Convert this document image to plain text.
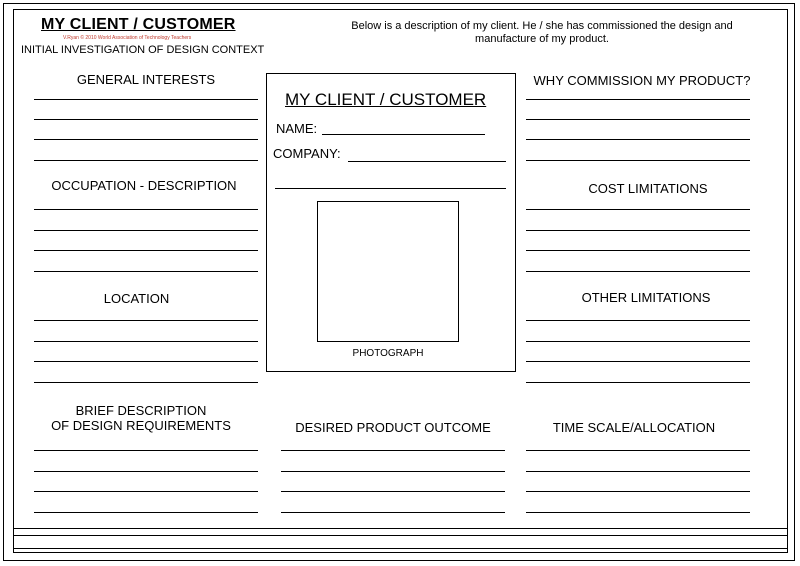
MY CLIENT / CUSTOMER
V.Ryan © 2010 World Association of Technology Teachers
INITIAL INVESTIGATION OF DESIGN CONTEXT
Below is a description of my client. He / she has commissioned the design and
manufacture of my product.
GENERAL INTERESTS
OCCUPATION - DESCRIPTION
LOCATION
BRIEF DESCRIPTION
OF DESIGN REQUIREMENTS
MY CLIENT / CUSTOMER
NAME:
COMPANY:
PHOTOGRAPH
DESIRED PRODUCT OUTCOME
WHY COMMISSION MY PRODUCT?
COST LIMITATIONS
OTHER LIMITATIONS
TIME SCALE/ALLOCATION
